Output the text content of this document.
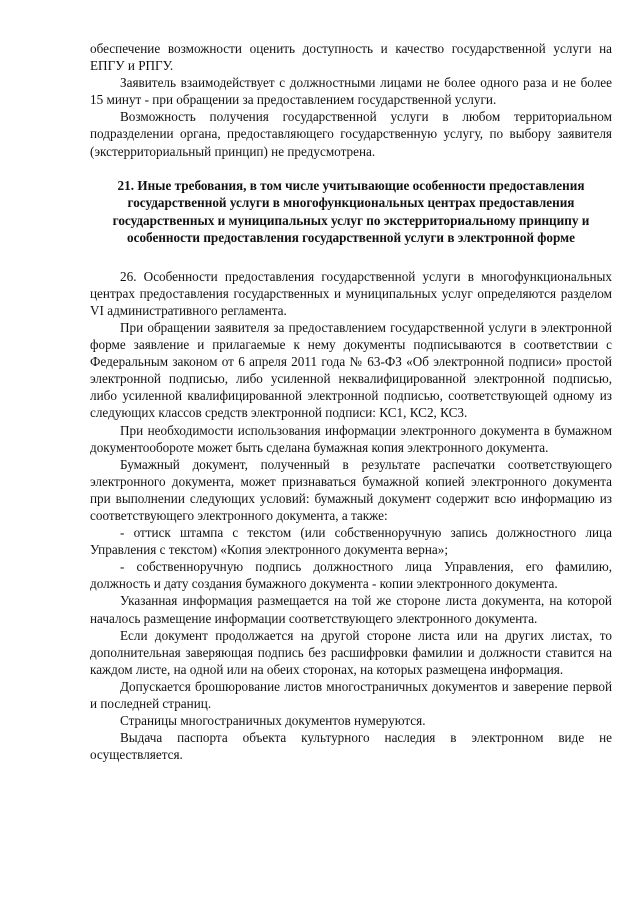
обеспечение возможности оценить доступность и качество государственной услуги на ЕПГУ и РПГУ.

Заявитель взаимодействует с должностными лицами не более одного раза и не более 15 минут - при обращении за предоставлением государственной услуги.

Возможность получения государственной услуги в любом территориальном подразделении органа, предоставляющего государственную услугу, по выбору заявителя (экстерриториальный принцип) не предусмотрена.

21. Иные требования, в том числе учитывающие особенности предоставления государственной услуги в многофункциональных центрах предоставления государственных и муниципальных услуг по экстерриториальному принципу и особенности предоставления государственной услуги в электронной форме

26. Особенности предоставления государственной услуги в многофункциональных центрах предоставления государственных и муниципальных услуг определяются разделом VI административного регламента.

При обращении заявителя за предоставлением государственной услуги в электронной форме заявление и прилагаемые к нему документы подписываются в соответствии с Федеральным законом от 6 апреля 2011 года № 63-ФЗ «Об электронной подписи» простой электронной подписью, либо усиленной неквалифицированной электронной подписью, либо усиленной квалифицированной электронной подписью, соответствующей одному из следующих классов средств электронной подписи: КС1, КС2, КС3.

При необходимости использования информации электронного документа в бумажном документообороте может быть сделана бумажная копия электронного документа.

Бумажный документ, полученный в результате распечатки соответствующего электронного документа, может признаваться бумажной копией электронного документа при выполнении следующих условий: бумажный документ содержит всю информацию из соответствующего электронного документа, а также:

- оттиск штампа с текстом (или собственноручную запись должностного лица Управления с текстом) «Копия электронного документа верна»;

- собственноручную подпись должностного лица Управления, его фамилию, должность и дату создания бумажного документа - копии электронного документа.

Указанная информация размещается на той же стороне листа документа, на которой началось размещение информации соответствующего электронного документа.

Если документ продолжается на другой стороне листа или на других листах, то дополнительная заверяющая подпись без расшифровки фамилии и должности ставится на каждом листе, на одной или на обеих сторонах, на которых размещена информация.

Допускается брошюрование листов многостраничных документов и заверение первой и последней страниц.

Страницы многостраничных документов нумеруются.

Выдача паспорта объекта культурного наследия в электронном виде не осуществляется.
